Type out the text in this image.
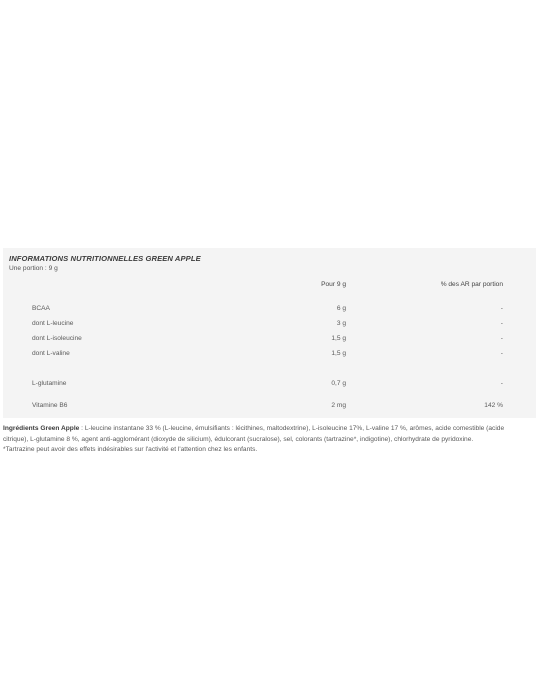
INFORMATIONS NUTRITIONNELLES GREEN APPLE
Une portion : 9 g
Pour 9 g	% des AR par portion
BCAA	6 g	-
dont L-leucine	3 g	-
dont L-isoleucine	1,5 g	-
dont L-valine	1,5 g	-
L-glutamine	0,7 g	-
Vitamine B6	2 mg	142 %
Ingrédients Green Apple : L-leucine instantane 33 % (L-leucine, émulsifiants : lécithines, maltodextrine), L-isoleucine 17%, L-valine 17 %, arômes, acide comestible (acide citrique), L-glutamine 8 %, agent anti-agglomérant (dioxyde de silicium), édulcorant (sucralose), sel, colorants (tartrazine*, indigotine), chlorhydrate de pyridoxine.
*Tartrazine peut avoir des effets indésirables sur l'activité et l'attention chez les enfants.
